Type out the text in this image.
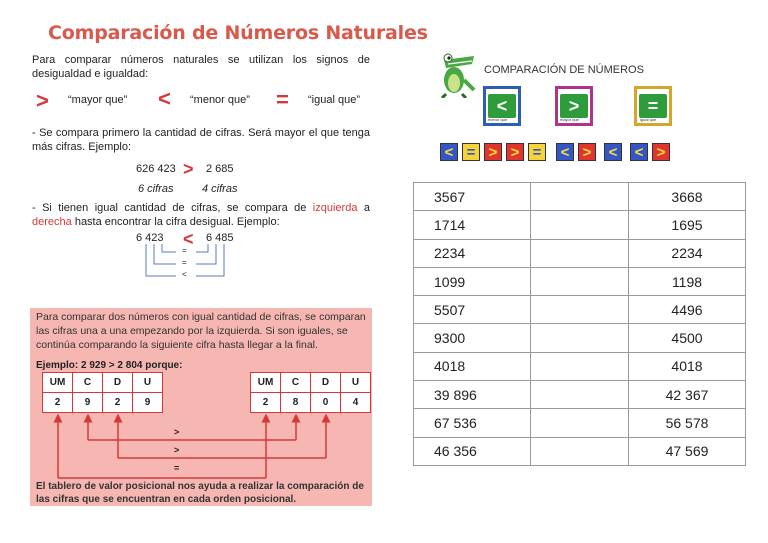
Comparación de Números Naturales
Para comparar números naturales se utilizan los signos de desigualdad e igualdad:
> “mayor que” < “menor que” = “igual que”
- Se compara primero la cantidad de cifras. Será mayor el que tenga más cifras. Ejemplo:
626 423 > 2 685
6 cifras	4 cifras
- Si tienen igual cantidad de cifras, se compara de izquierda a derecha hasta encontrar la cifra desigual. Ejemplo:
6 423 < 6 485
=
=
<
Para comparar dos números con igual cantidad de cifras, se comparan las cifras una a una empezando por la izquierda. Si son iguales, se continúa comparando la siguiente cifra hasta llegar a la final.
Ejemplo: 2 929 > 2 804 porque:
UM	C	D	U
2	9	2	9
UM	C	D	U
2	8	0	4
>
>
=
El tablero de valor posicional nos ayuda a realizar la comparación de las cifras que se encuentran en cada orden posicional.
COMPARACIÓN DE NÚMEROS
<	>	=
menor que	mayor que	igual que
< = > > =	< >	<	< >
3567		3668
1714		1695
2234		2234
1099		1198
5507		4496
9300		4500
4018		4018
39 896		42 367
67 536		56 578
46 356		47 569
